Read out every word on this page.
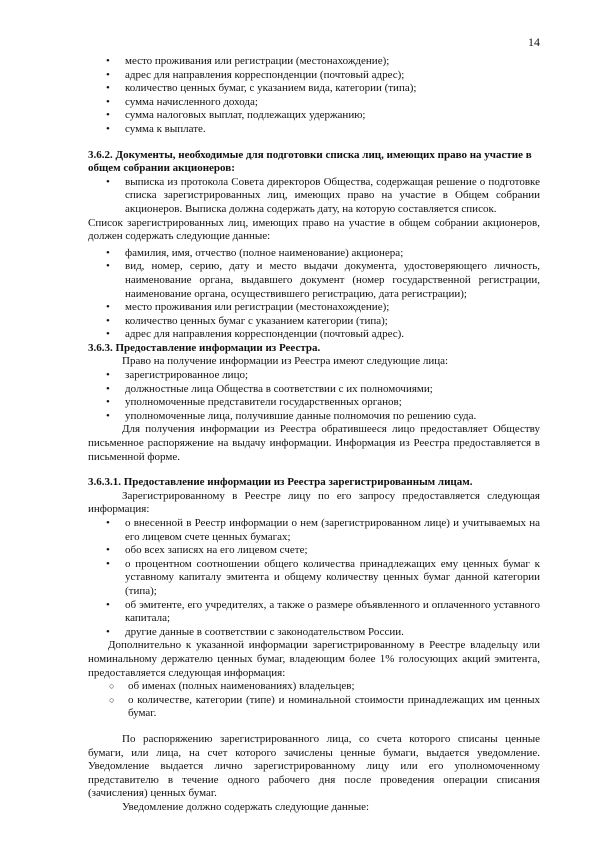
14
• место проживания или регистрации (местонахождение);
• адрес для направления корреспонденции (почтовый адрес);
• количество ценных бумаг, с указанием вида, категории (типа);
• сумма начисленного дохода;
• сумма налоговых выплат, подлежащих удержанию;
• сумма к выплате.

3.6.2. Документы, необходимые для подготовки списка лиц, имеющих право на участие в общем собрании акционеров:

• выписка из протокола Совета директоров Общества, содержащая решение о подготовке списка зарегистрированных лиц, имеющих право на участие в Общем собрании акционеров. Выписка должна содержать дату, на которую составляется список.

Список зарегистрированных лиц, имеющих право на участие в общем собрании акционеров, должен содержать следующие данные:

• фамилия, имя, отчество (полное наименование) акционера;
• вид, номер, серию, дату и место выдачи документа, удостоверяющего личность, наименование органа, выдавшего документ (номер государственной регистрации, наименование органа, осуществившего регистрацию, дата регистрации);
• место проживания или регистрации (местонахождение);
• количество ценных бумаг с указанием категории (типа);
• адрес для направления корреспонденции (почтовый адрес).

3.6.3. Предоставление информации из Реестра.

Право на получение информации из Реестра имеют следующие лица:

• зарегистрированное лицо;
• должностные лица Общества в соответствии с их полномочиями;
• уполномоченные представители государственных органов;
• уполномоченные лица, получившие данные полномочия по решению суда.

Для получения информации из Реестра обратившееся лицо предоставляет Обществу письменное распоряжение на выдачу информации. Информация из Реестра предоставляется в письменной форме.

3.6.3.1. Предоставление информации из Реестра зарегистрированным лицам.

Зарегистрированному в Реестре лицу по его запросу предоставляется следующая информация:

• о внесенной в Реестр информации о нем (зарегистрированном лице) и учитываемых на его лицевом счете ценных бумагах;
• обо всех записях на его лицевом счете;
• о процентном соотношении общего количества принадлежащих ему ценных бумаг к уставному капиталу эмитента и общему количеству ценных бумаг данной категории (типа);
• об эмитенте, его учредителях, а также о размере объявленного и оплаченного уставного капитала;
• другие данные в соответствии с законодательством России.

Дополнительно к указанной информации зарегистрированному в Реестре владельцу или номинальному держателю ценных бумаг, владеющим более 1% голосующих акций эмитента, предоставляется следующая информация:

○ об именах (полных наименованиях) владельцев;
○ о количестве, категории (типе) и номинальной стоимости принадлежащих им ценных бумаг.

По распоряжению зарегистрированного лица, со счета которого списаны ценные бумаги, или лица, на счет которого зачислены ценные бумаги, выдается уведомление. Уведомление выдается лично зарегистрированному лицу или его уполномоченному представителю в течение одного рабочего дня после проведения операции списания (зачисления) ценных бумаг.

Уведомление должно содержать следующие данные:
